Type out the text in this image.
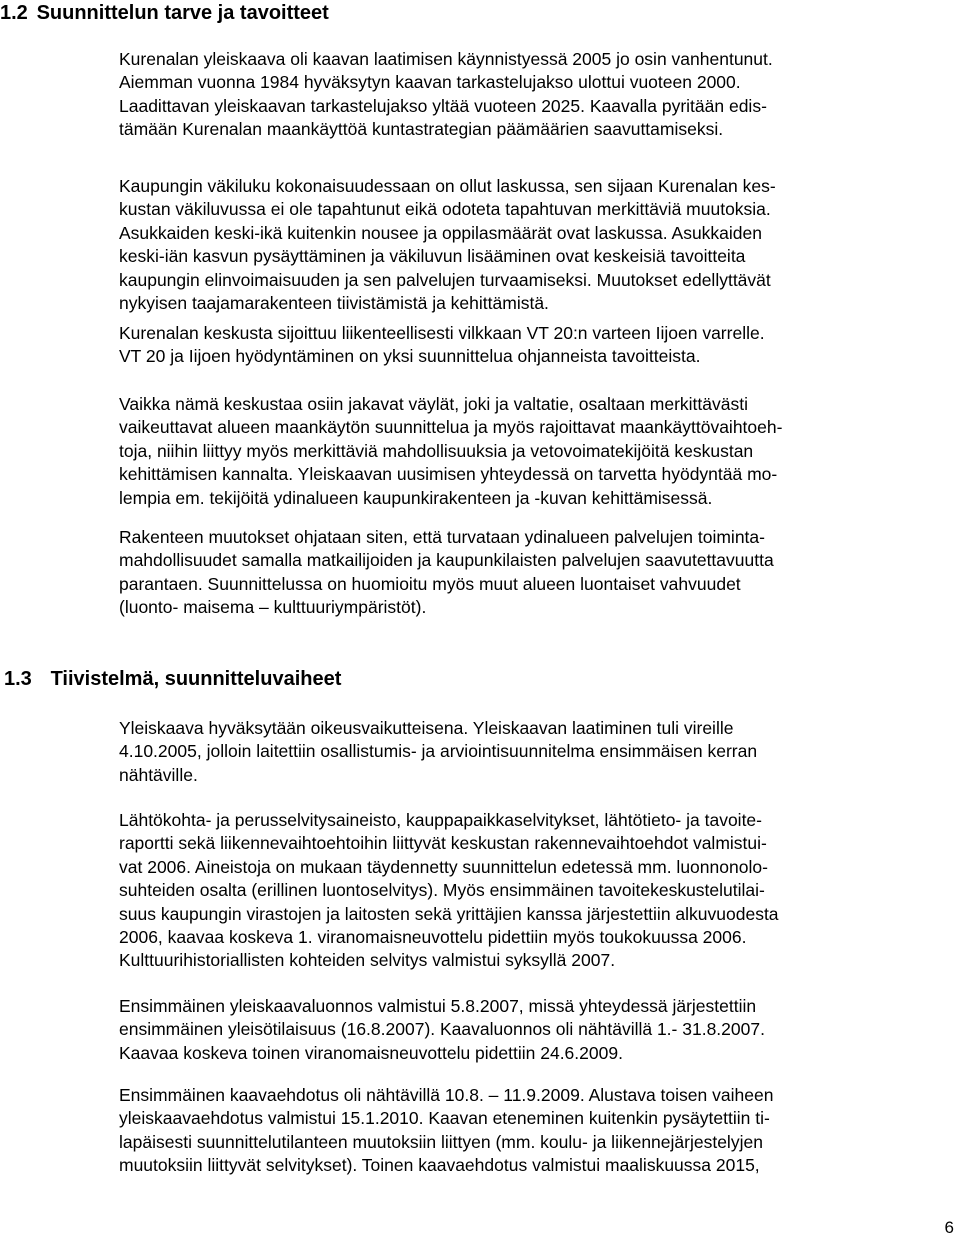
1.2 Suunnittelun tarve ja tavoitteet

Kurenalan yleiskaava oli kaavan laatimisen käynnistyessä 2005 jo osin vanhentunut.
Aiemman vuonna 1984 hyväksytyn kaavan tarkastelujakso ulottui vuoteen 2000.
Laadittavan yleiskaavan tarkastelujakso yltää vuoteen 2025. Kaavalla pyritään edis-
tämään Kurenalan maankäyttöä kuntastrategian päämäärien saavuttamiseksi.

Kaupungin väkiluku kokonaisuudessaan on ollut laskussa, sen sijaan Kurenalan kes-
kustan väkiluvussa ei ole tapahtunut eikä odoteta tapahtuvan merkittäviä muutoksia.
Asukkaiden keski-ikä kuitenkin nousee ja oppilasmäärät ovat laskussa. Asukkaiden
keski-iän kasvun pysäyttäminen ja väkiluvun lisääminen ovat keskeisiä tavoitteita
kaupungin elinvoimaisuuden ja sen palvelujen turvaamiseksi. Muutokset edellyttävät
nykyisen taajamarakenteen tiivistämistä ja kehittämistä.

Kurenalan keskusta sijoittuu liikenteellisesti vilkkaan VT 20:n varteen Iijoen varrelle.
VT 20 ja Iijoen hyödyntäminen on yksi suunnittelua ohjanneista tavoitteista.

Vaikka nämä keskustaa osiin jakavat väylät, joki ja valtatie, osaltaan merkittävästi
vaikeuttavat alueen maankäytön suunnittelua ja myös rajoittavat maankäyttövaihtoeh-
toja, niihin liittyy myös merkittäviä mahdollisuuksia ja vetovoimatekijöitä keskustan
kehittämisen kannalta. Yleiskaavan uusimisen yhteydessä on tarvetta hyödyntää mo-
lempia em. tekijöitä ydinalueen kaupunkirakenteen ja -kuvan kehittämisessä.

Rakenteen muutokset ohjataan siten, että turvataan ydinalueen palvelujen toiminta-
mahdollisuudet samalla matkailijoiden ja kaupunkilaisten palvelujen saavutettavuutta
parantaen. Suunnittelussa on huomioitu myös muut alueen luontaiset vahvuudet
(luonto- maisema – kulttuuriympäristöt).

1.3 Tiivistelmä, suunnitteluvaiheet

Yleiskaava hyväksytään oikeusvaikutteisena. Yleiskaavan laatiminen tuli vireille
4.10.2005, jolloin laitettiin osallistumis- ja arviointisuunnitelma ensimmäisen kerran
nähtäville.

Lähtökohta- ja perusselvitysaineisto, kauppapaikkaselvitykset, lähtötieto- ja tavoite-
raportti sekä liikennevaihtoehtoihin liittyvät keskustan rakennevaihtoehdot valmistui-
vat 2006. Aineistoja on mukaan täydennetty suunnittelun edetessä mm. luonnonolo-
suhteiden osalta (erillinen luontoselvitys). Myös ensimmäinen tavoitekeskustelutilai-
suus kaupungin virastojen ja laitosten sekä yrittäjien kanssa järjestettiin alkuvuodesta
2006, kaavaa koskeva 1. viranomaisneuvottelu pidettiin myös toukokuussa 2006.
Kulttuurihistoriallisten kohteiden selvitys valmistui syksyllä 2007.

Ensimmäinen yleiskaavaluonnos valmistui 5.8.2007, missä yhteydessä järjestettiin
ensimmäinen yleisötilaisuus (16.8.2007). Kaavaluonnos oli nähtävillä 1.- 31.8.2007.
Kaavaa koskeva toinen viranomaisneuvottelu pidettiin 24.6.2009.

Ensimmäinen kaavaehdotus oli nähtävillä 10.8. – 11.9.2009. Alustava toisen vaiheen
yleiskaavaehdotus valmistui 15.1.2010. Kaavan eteneminen kuitenkin pysäytettiin ti-
lapäisesti suunnittelutilanteen muutoksiin liittyen (mm. koulu- ja liikennejärjestelyjen
muutoksiin liittyvät selvitykset). Toinen kaavaehdotus valmistui maaliskuussa 2015,

6
